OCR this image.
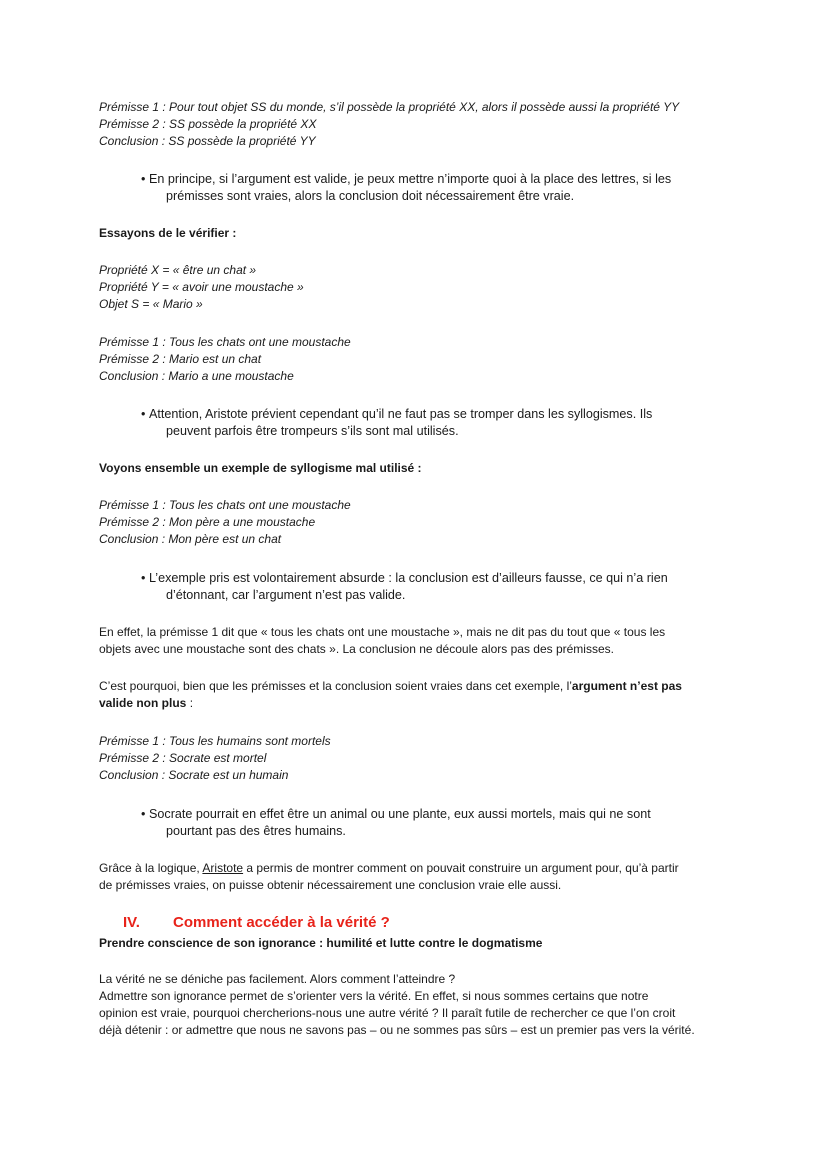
Prémisse 1 : Pour tout objet SS du monde, s’il possède la propriété XX, alors il possède aussi la propriété YY

Prémisse 2 : SS possède la propriété XX

Conclusion : SS possède la propriété YY

• En principe, si l’argument est valide, je peux mettre n’importe quoi à la place des lettres, si les
prémisses sont vraies, alors la conclusion doit nécessairement être vraie.

Essayons de le vérifier :

Propriété X = « être un chat »

Propriété Y = « avoir une moustache »

Objet S = « Mario »

Prémisse 1 : Tous les chats ont une moustache

Prémisse 2 : Mario est un chat

Conclusion : Mario a une moustache

• Attention, Aristote prévient cependant qu’il ne faut pas se tromper dans les syllogismes. Ils
peuvent parfois être trompeurs s’ils sont mal utilisés.

Voyons ensemble un exemple de syllogisme mal utilisé :

Prémisse 1 : Tous les chats ont une moustache

Prémisse 2 : Mon père a une moustache

Conclusion : Mon père est un chat

• L’exemple pris est volontairement absurde : la conclusion est d’ailleurs fausse, ce qui n’a rien
d’étonnant, car l’argument n’est pas valide.

En effet, la prémisse 1 dit que « tous les chats ont une moustache », mais ne dit pas du tout que « tous les

objets avec une moustache sont des chats ». La conclusion ne découle alors pas des prémisses.

C’est pourquoi, bien que les prémisses et la conclusion soient vraies dans cet exemple, l’argument n’est pas

valide non plus :

Prémisse 1 : Tous les humains sont mortels

Prémisse 2 : Socrate est mortel

Conclusion : Socrate est un humain

• Socrate pourrait en effet être un animal ou une plante, eux aussi mortels, mais qui ne sont
pourtant pas des êtres humains.

Grâce à la logique, Aristote a permis de montrer comment on pouvait construire un argument pour, qu’à partir

de prémisses vraies, on puisse obtenir nécessairement une conclusion vraie elle aussi.

IV. Comment accéder à la vérité ?

Prendre conscience de son ignorance : humilité et lutte contre le dogmatisme

La vérité ne se déniche pas facilement. Alors comment l’atteindre ?

Admettre son ignorance permet de s’orienter vers la vérité. En effet, si nous sommes certains que notre

opinion est vraie, pourquoi chercherions-nous une autre vérité ? Il paraît futile de rechercher ce que l’on croit

déjà détenir : or admettre que nous ne savons pas – ou ne sommes pas sûrs – est un premier pas vers la vérité.
